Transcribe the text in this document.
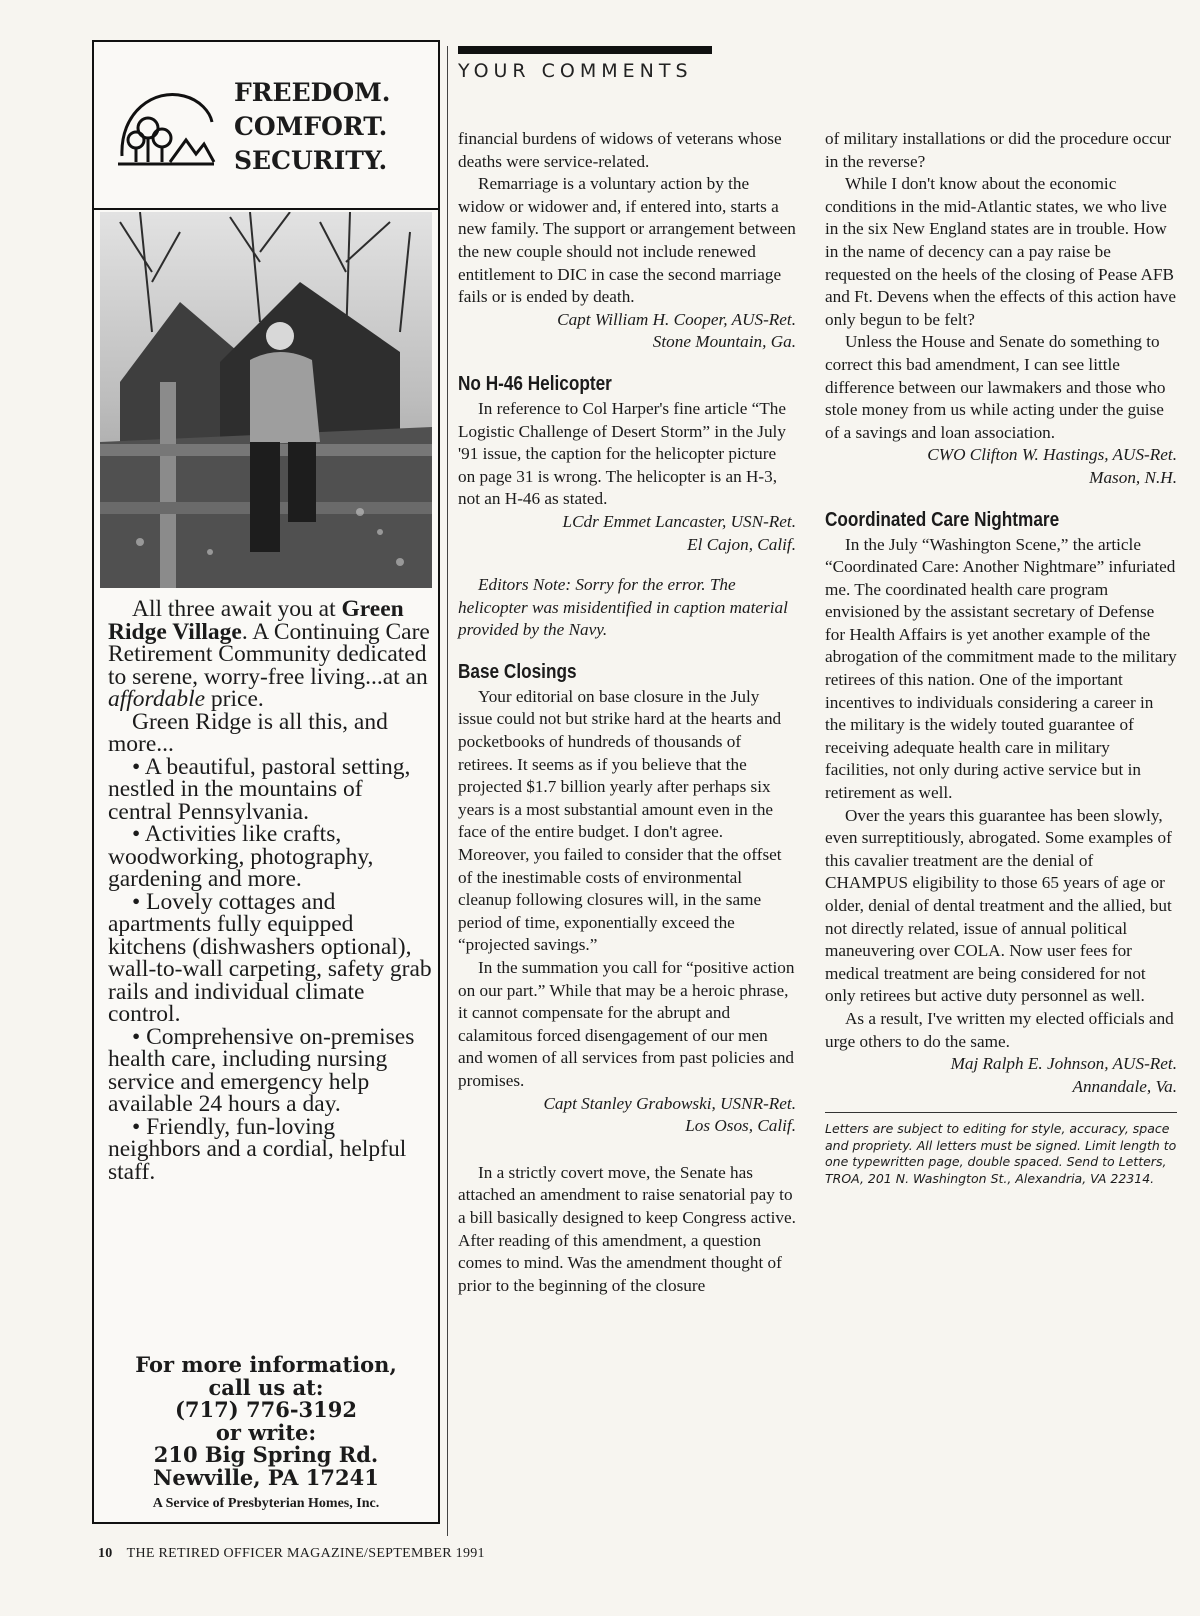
FREEDOM.
COMFORT.
SECURITY.

All three await you at Green Ridge Village. A Continuing Care Retirement Community dedicated to serene, worry-free living...at an affordable price.

Green Ridge is all this, and more...

• A beautiful, pastoral setting, nestled in the mountains of central Pennsylvania.

• Activities like crafts, woodworking, photography, gardening and more.

• Lovely cottages and apartments fully equipped kitchens (dishwashers optional), wall-to-wall carpeting, safety grab rails and individual climate control.

• Comprehensive on-premises health care, including nursing service and emergency help available 24 hours a day.

• Friendly, fun-loving neighbors and a cordial, helpful staff.

For more information,
call us at:
(717) 776-3192
or write:
210 Big Spring Rd.
Newville, PA 17241
A Service of Presbyterian Homes, Inc.
YOUR COMMENTS

financial burdens of widows of veterans whose deaths were service-related.

Remarriage is a voluntary action by the widow or widower and, if entered into, starts a new family. The support or arrangement between the new couple should not include renewed entitlement to DIC in case the second marriage fails or is ended by death.

Capt William H. Cooper, AUS-Ret.

Stone Mountain, Ga.

No H-46 Helicopter

In reference to Col Harper's fine article “The Logistic Challenge of Desert Storm” in the July '91 issue, the caption for the helicopter picture on page 31 is wrong. The helicopter is an H-3, not an H-46 as stated.

LCdr Emmet Lancaster, USN-Ret.

El Cajon, Calif.

Editors Note: Sorry for the error. The helicopter was misidentified in caption material provided by the Navy.

Base Closings

Your editorial on base closure in the July issue could not but strike hard at the hearts and pocketbooks of hundreds of thousands of retirees. It seems as if you believe that the projected $1.7 billion yearly after perhaps six years is a most substantial amount even in the face of the entire budget. I don't agree. Moreover, you failed to consider that the offset of the inestimable costs of environmental cleanup following closures will, in the same period of time, exponentially exceed the “projected savings.”

In the summation you call for “positive action on our part.” While that may be a heroic phrase, it cannot compensate for the abrupt and calamitous forced disengagement of our men and women of all services from past policies and promises.

Capt Stanley Grabowski, USNR-Ret.

Los Osos, Calif.

In a strictly covert move, the Senate has attached an amendment to raise senatorial pay to a bill basically designed to keep Congress active. After reading of this amendment, a question comes to mind. Was the amendment thought of prior to the beginning of the closure

of military installations or did the procedure occur in the reverse?

While I don't know about the economic conditions in the mid-Atlantic states, we who live in the six New England states are in trouble. How in the name of decency can a pay raise be requested on the heels of the closing of Pease AFB and Ft. Devens when the effects of this action have only begun to be felt?

Unless the House and Senate do something to correct this bad amendment, I can see little difference between our lawmakers and those who stole money from us while acting under the guise of a savings and loan association.

CWO Clifton W. Hastings, AUS-Ret.

Mason, N.H.

Coordinated Care Nightmare

In the July “Washington Scene,” the article “Coordinated Care: Another Nightmare” infuriated me. The coordinated health care program envisioned by the assistant secretary of Defense for Health Affairs is yet another example of the abrogation of the commitment made to the military retirees of this nation. One of the important incentives to individuals considering a career in the military is the widely touted guarantee of receiving adequate health care in military facilities, not only during active service but in retirement as well.

Over the years this guarantee has been slowly, even surreptitiously, abrogated. Some examples of this cavalier treatment are the denial of CHAMPUS eligibility to those 65 years of age or older, denial of dental treatment and the allied, but not directly related, issue of annual political maneuvering over COLA. Now user fees for medical treatment are being considered for not only retirees but active duty personnel as well.

As a result, I've written my elected officials and urge others to do the same.

Maj Ralph E. Johnson, AUS-Ret.

Annandale, Va.

Letters are subject to editing for style, accuracy, space and propriety. All letters must be signed. Limit length to one typewritten page, double spaced. Send to Letters, TROA, 201 N. Washington St., Alexandria, VA 22314.

10 THE RETIRED OFFICER MAGAZINE/SEPTEMBER 1991
